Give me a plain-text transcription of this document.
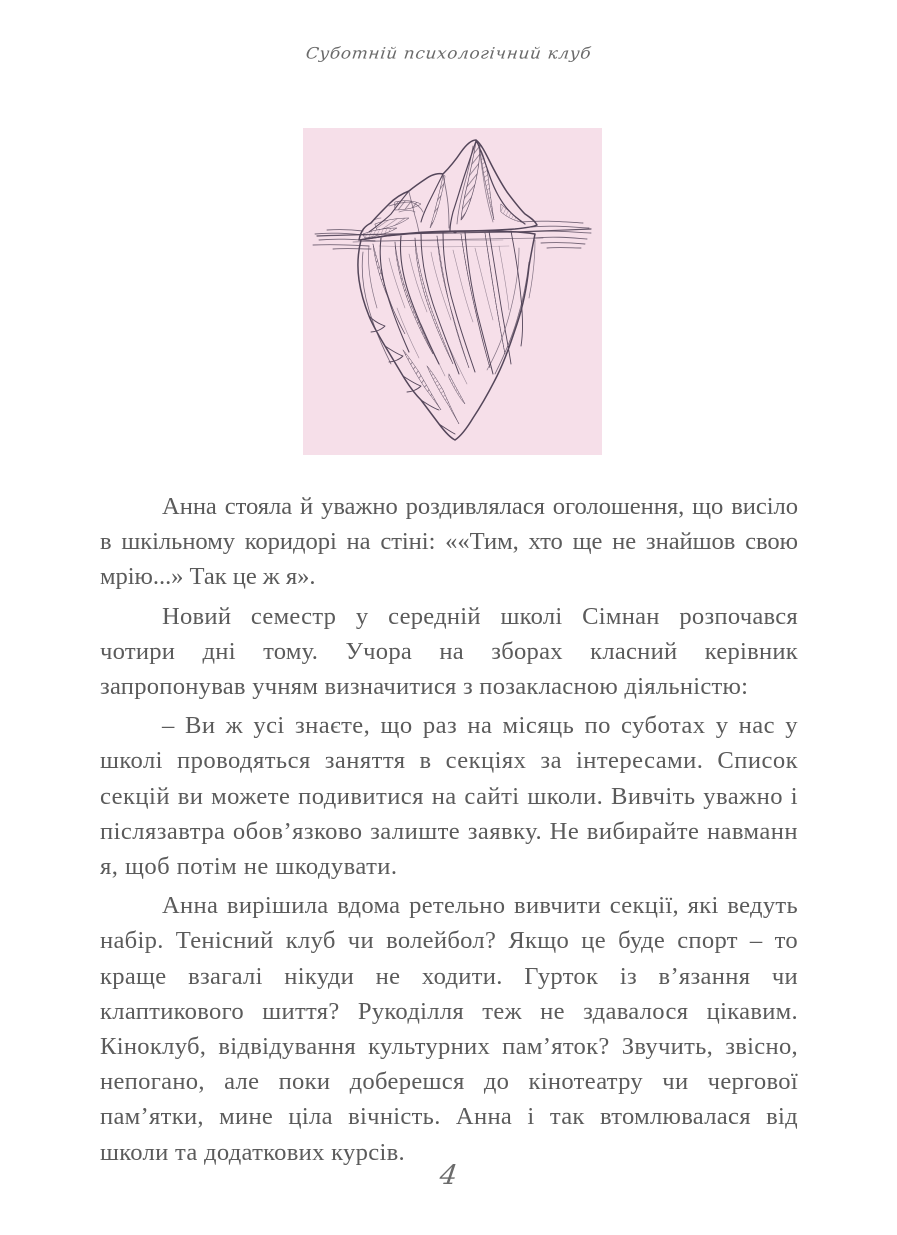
Суботній психологічний клуб

Анна стояла й уважно роздивлялася оголошення, що висіло в шкільному коридорі на стіні: ««Тим, хто ще не знайшов свою мрію...» Так це ж я».

Новий семестр у середній школі Сімнан розпочався чотири дні тому. Учора на зборах класний керівник запропонував учням визначитися з позакласною діяльністю:

– Ви ж усі знаєте, що раз на місяць по суботах у нас у школі проводяться заняття в секціях за інтересами. Список секцій ви можете подивитися на сайті школи. Вивчіть уважно і післязавтра обов’язково залиште заявку. Не вибирайте навманн я, щоб потім не шкодувати.

Анна вирішила вдома ретельно вивчити секції, які ведуть набір. Тенісний клуб чи волейбол? Якщо це буде спорт – то краще взагалі нікуди не ходити. Гурток із в’язання чи клаптикового шиття? Рукоділля теж не здавалося цікавим. Кіноклуб, відвідування культурних пам’яток? Звучить, звісно, непогано, але поки доберешся до кінотеатру чи чергової пам’ятки, мине ціла вічність. Анна і так втомлювалася від школи та додаткових курсів.

4
